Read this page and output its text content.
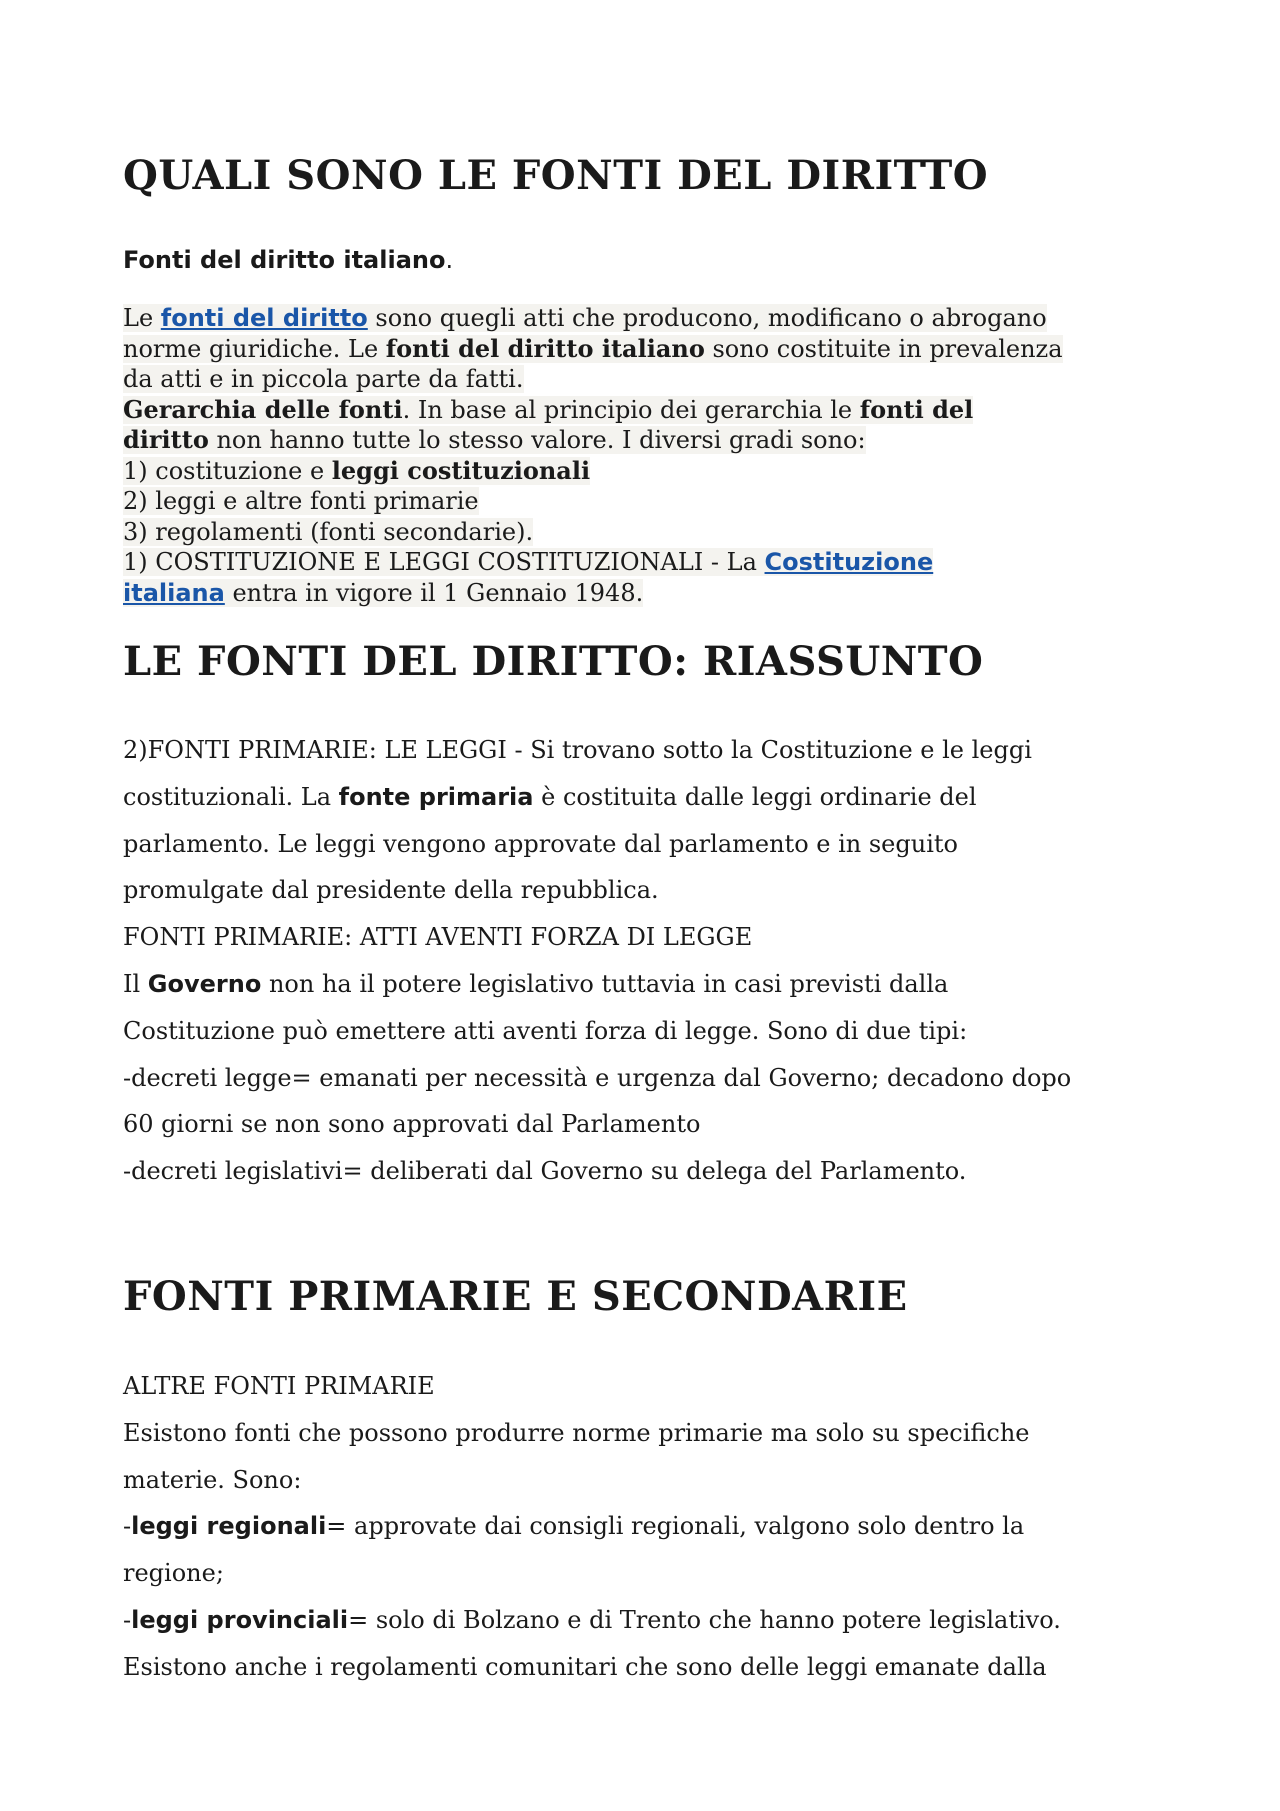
QUALI SONO LE FONTI DEL DIRITTO
Fonti del diritto italiano.
Le fonti del diritto sono quegli atti che producono, modificano o abrogano
norme giuridiche. Le fonti del diritto italiano sono costituite in prevalenza
da atti e in piccola parte da fatti.
Gerarchia delle fonti. In base al principio dei gerarchia le fonti del
diritto non hanno tutte lo stesso valore. I diversi gradi sono:
1) costituzione e leggi costituzionali
2) leggi e altre fonti primarie
3) regolamenti (fonti secondarie).
1) COSTITUZIONE E LEGGI COSTITUZIONALI - La Costituzione
italiana entra in vigore il 1 Gennaio 1948.
LE FONTI DEL DIRITTO: RIASSUNTO
2)FONTI PRIMARIE: LE LEGGI - Si trovano sotto la Costituzione e le leggi
costituzionali. La fonte primaria è costituita dalle leggi ordinarie del
parlamento. Le leggi vengono approvate dal parlamento e in seguito
promulgate dal presidente della repubblica.
FONTI PRIMARIE: ATTI AVENTI FORZA DI LEGGE
Il Governo non ha il potere legislativo tuttavia in casi previsti dalla
Costituzione può emettere atti aventi forza di legge. Sono di due tipi:
-decreti legge= emanati per necessità e urgenza dal Governo; decadono dopo
60 giorni se non sono approvati dal Parlamento
-decreti legislativi= deliberati dal Governo su delega del Parlamento.
FONTI PRIMARIE E SECONDARIE
ALTRE FONTI PRIMARIE
Esistono fonti che possono produrre norme primarie ma solo su specifiche
materie. Sono:
-leggi regionali= approvate dai consigli regionali, valgono solo dentro la
regione;
-leggi provinciali= solo di Bolzano e di Trento che hanno potere legislativo.
Esistono anche i regolamenti comunitari che sono delle leggi emanate dalla
